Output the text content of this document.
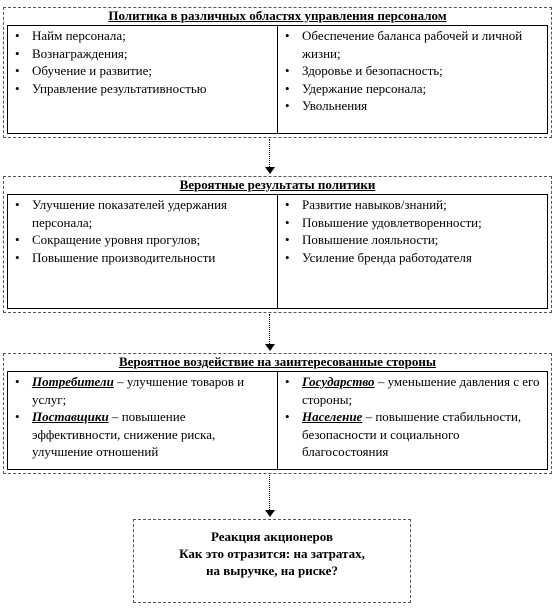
Политика в различных областях управления персоналом
• Найм персонала;
• Вознаграждения;
• Обучение и развитие;
• Управление результативностью
• Обеспечение баланса рабочей и личной жизни;
• Здоровье и безопасность;
• Удержание персонала;
• Увольнения
Вероятные результаты политики
• Улучшение показателей удержания персонала;
• Сокращение уровня прогулов;
• Повышение производительности
• Развитие навыков/знаний;
• Повышение удовлетворенности;
• Повышение лояльности;
• Усиление бренда работодателя
Вероятное воздействие на заинтересованные стороны
• Потребители – улучшение товаров и услуг;
• Поставщики – повышение эффективности, снижение риска, улучшение отношений
• Государство – уменьшение давления с его стороны;
• Население – повышение стабильности, безопасности и социального благосостояния
Реакция акционеров
Как это отразится: на затратах,
на выручке, на риске?
